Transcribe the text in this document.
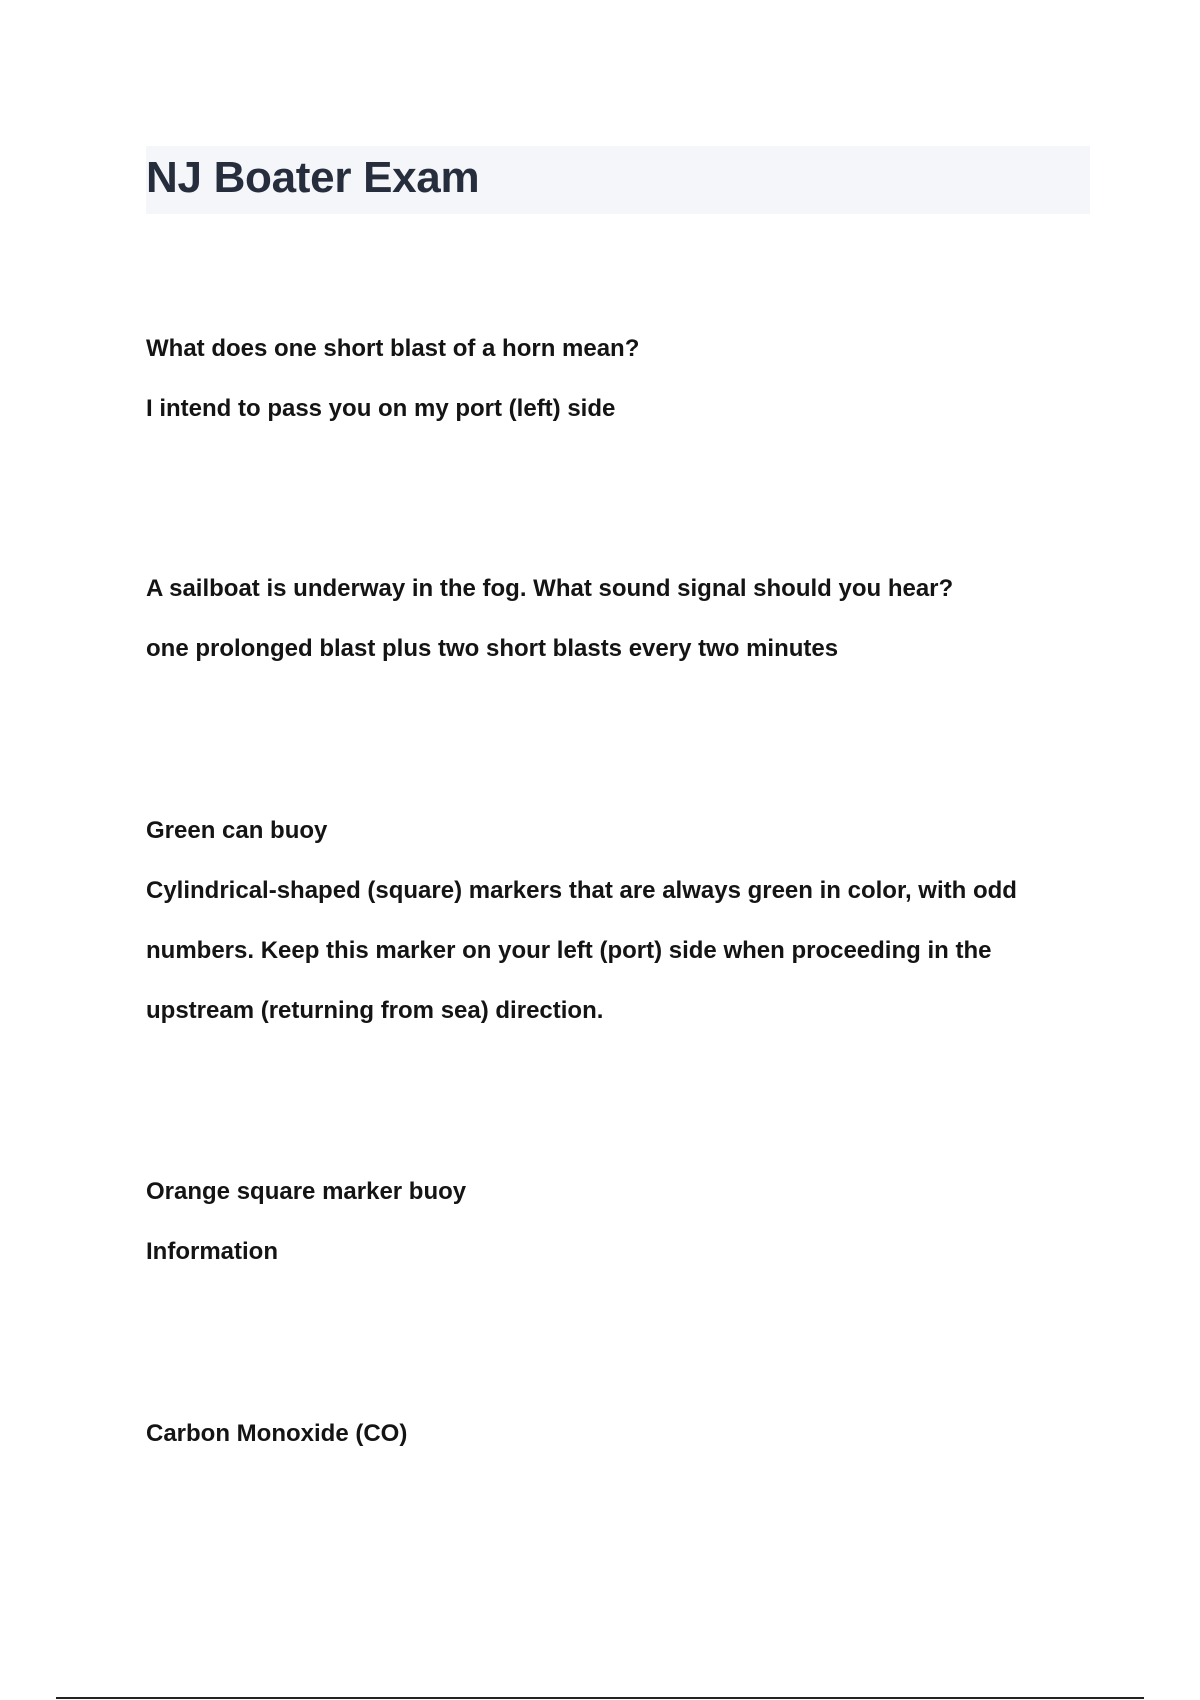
NJ Boater Exam

What does one short blast of a horn mean?

I intend to pass you on my port (left) side

A sailboat is underway in the fog. What sound signal should you hear?

one prolonged blast plus two short blasts every two minutes

Green can buoy

Cylindrical-shaped (square) markers that are always green in color, with odd numbers. Keep this marker on your left (port) side when proceeding in the upstream (returning from sea) direction.

Orange square marker buoy

Information

Carbon Monoxide (CO)
